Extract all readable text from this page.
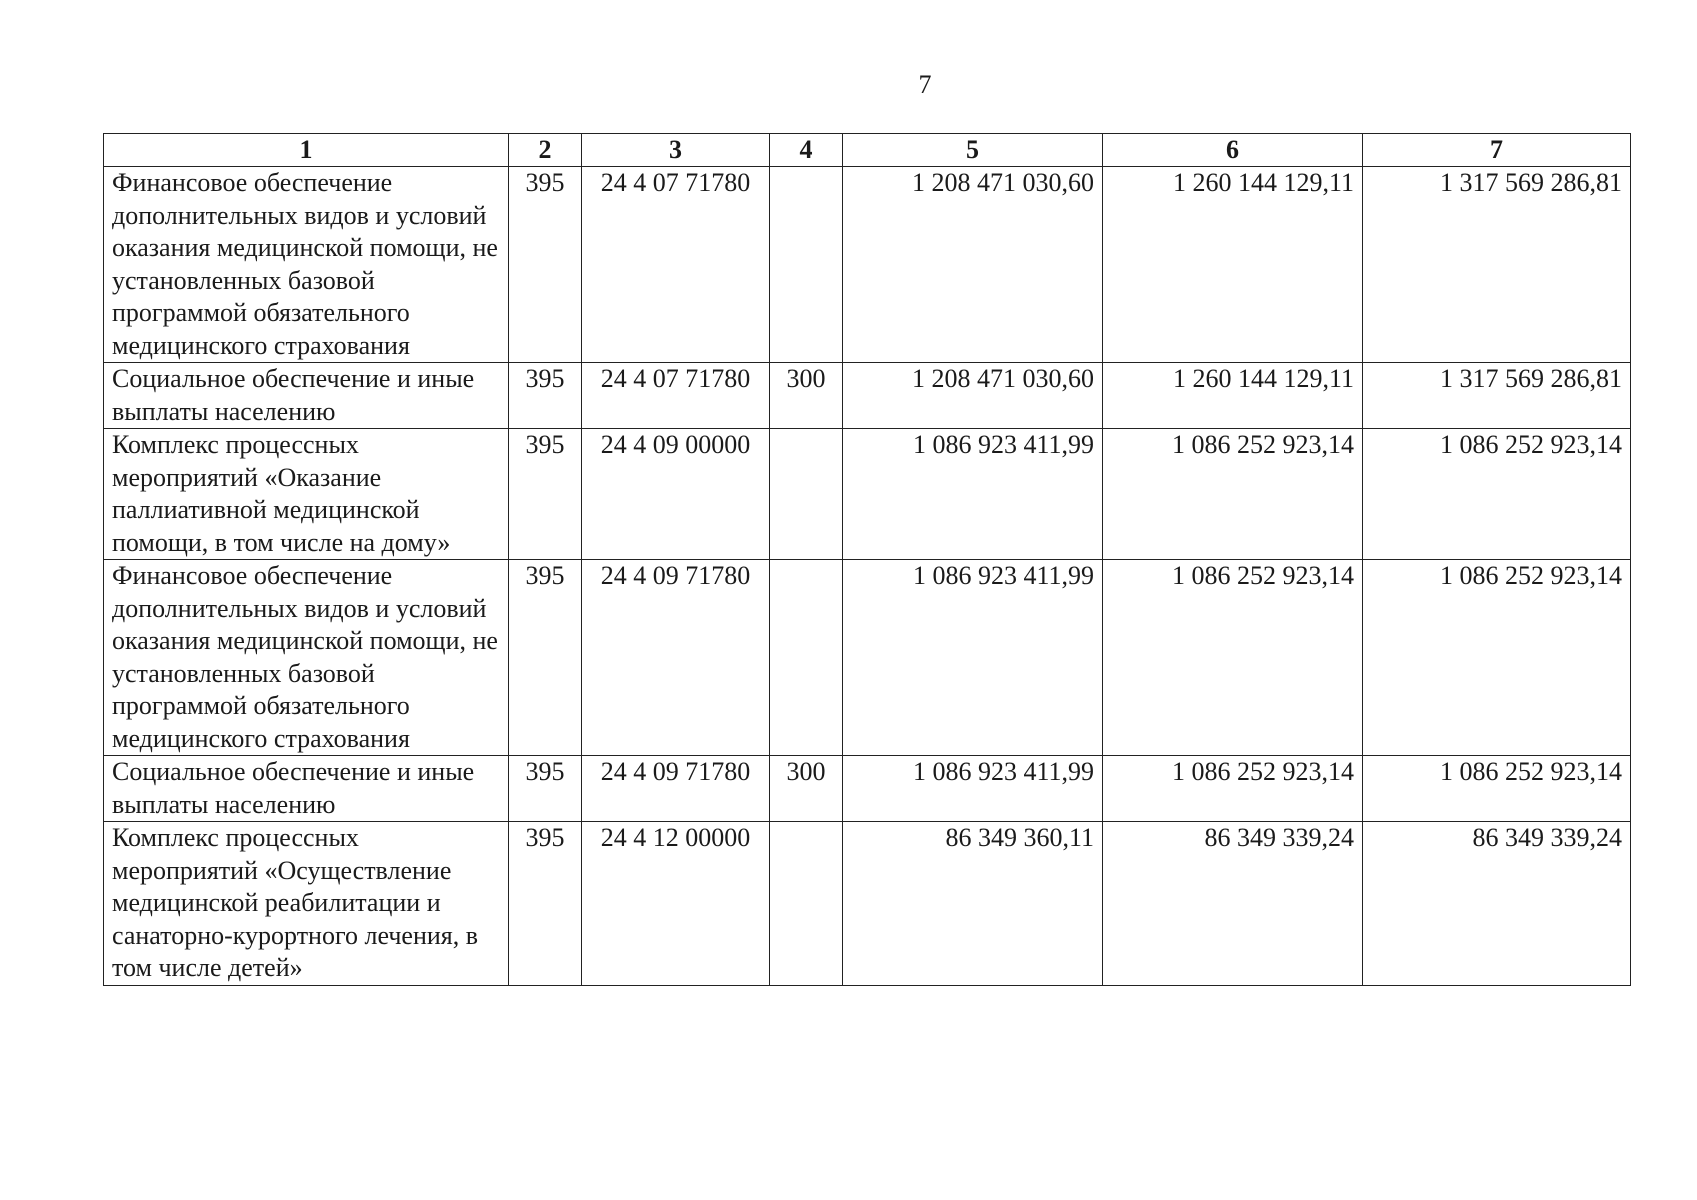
7
1	2	3	4	5	6	7
Финансовое обеспечение дополнительных видов и условий оказания медицинской помощи, не установленных базовой программой обязательного медицинского страхования	395	24 4 07 71780		1 208 471 030,60	1 260 144 129,11	1 317 569 286,81
Социальное обеспечение и иные выплаты населению	395	24 4 07 71780	300	1 208 471 030,60	1 260 144 129,11	1 317 569 286,81
Комплекс процессных мероприятий «Оказание паллиативной медицинской помощи, в том числе на дому»	395	24 4 09 00000		1 086 923 411,99	1 086 252 923,14	1 086 252 923,14
Финансовое обеспечение дополнительных видов и условий оказания медицинской помощи, не установленных базовой программой обязательного медицинского страхования	395	24 4 09 71780		1 086 923 411,99	1 086 252 923,14	1 086 252 923,14
Социальное обеспечение и иные выплаты населению	395	24 4 09 71780	300	1 086 923 411,99	1 086 252 923,14	1 086 252 923,14
Комплекс процессных мероприятий «Осуществление медицинской реабилитации и санаторно-курортного лечения, в том числе детей»	395	24 4 12 00000		86 349 360,11	86 349 339,24	86 349 339,24
